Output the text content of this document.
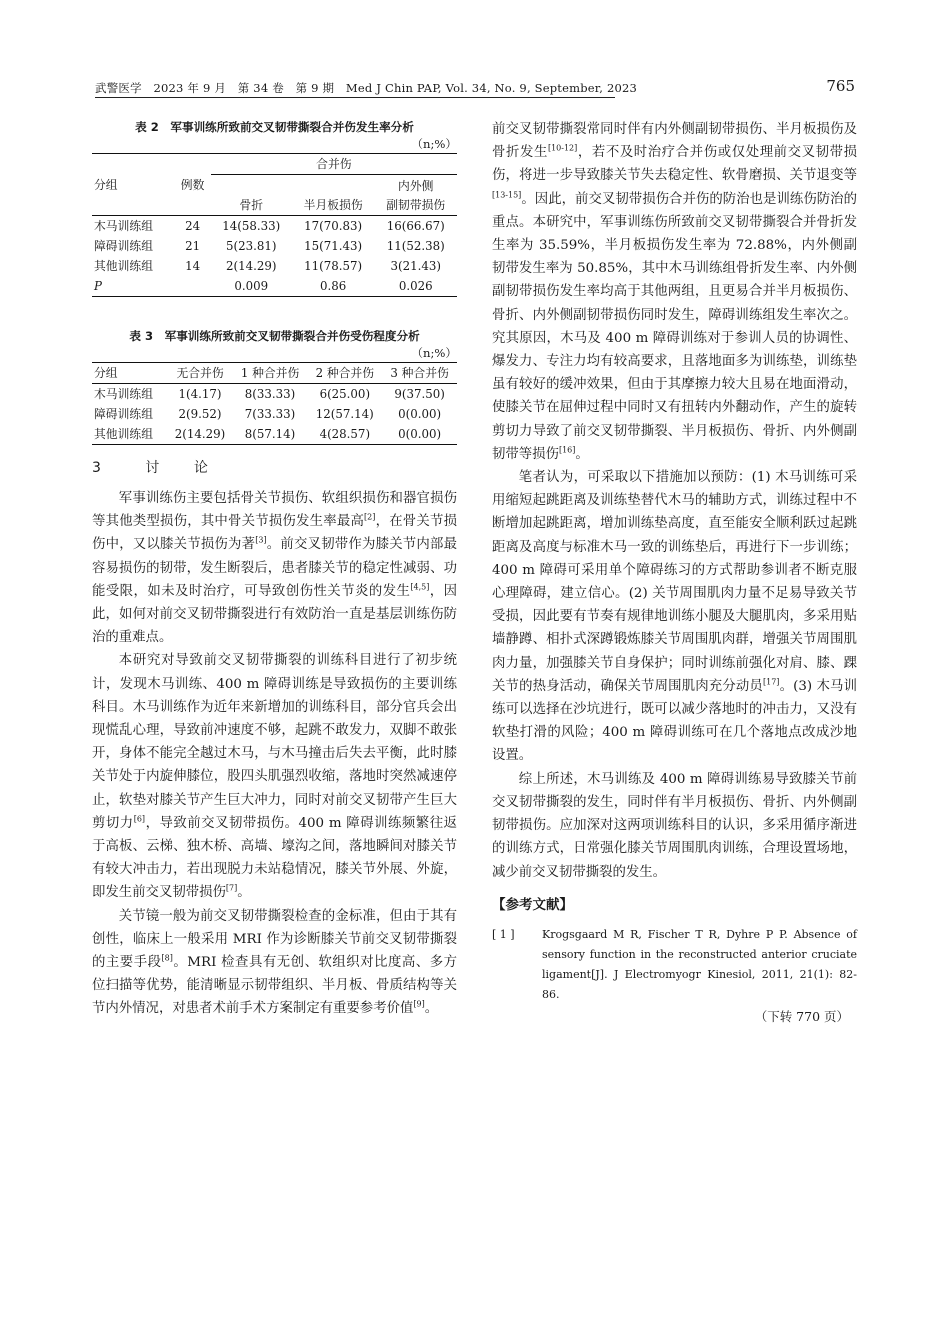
武警医学　2023 年 9 月　第 34 卷　第 9 期　Med J Chin PAP, Vol. 34, No. 9, September, 2023	765

表 2　军事训练所致前交叉韧带撕裂合并伤发生率分析

（n;%）
分组	例数	合并伤		
		骨折	半月板损伤	内外侧
副韧带损伤

木马训练组	24	14(58.33)	17(70.83)	16(66.67)
障碍训练组	21	5(23.81)	15(71.43)	11(52.38)
其他训练组	14	2(14.29)	11(78.57)	3(21.43)
P		0.009	0.86	0.026

表 3　军事训练所致前交叉韧带撕裂合并伤受伤程度分析

（n;%）
分组	无合并伤	1 种合并伤	2 种合并伤	3 种合并伤
木马训练组	1(4.17)	8(33.33)	6(25.00)	9(37.50)
障碍训练组	2(9.52)	7(33.33)	12(57.14)	0(0.00)
其他训练组	2(14.29)	8(57.14)	4(28.57)	0(0.00)
3	讨 论

军事训练伤主要包括骨关节损伤、软组织损伤和器官损伤等其他类型损伤，其中骨关节损伤发生率最高[2]，在骨关节损伤中，又以膝关节损伤为著[3]。前交叉韧带作为膝关节内部最容易损伤的韧带，发生断裂后，患者膝关节的稳定性减弱、功能受限，如未及时治疗，可导致创伤性关节炎的发生[4,5]，因此，如何对前交叉韧带撕裂进行有效防治一直是基层训练伤防治的重难点。

本研究对导致前交叉韧带撕裂的训练科目进行了初步统计，发现木马训练、400 m 障碍训练是导致损伤的主要训练科目。木马训练作为近年来新增加的训练科目，部分官兵会出现慌乱心理，导致前冲速度不够，起跳不敢发力，双脚不敢张开，身体不能完全越过木马，与木马撞击后失去平衡，此时膝关节处于内旋伸膝位，股四头肌强烈收缩，落地时突然减速停止，软垫对膝关节产生巨大冲力，同时对前交叉韧带产生巨大剪切力[6]，导致前交叉韧带损伤。400 m 障碍训练频繁往返于高板、云梯、独木桥、高墙、壕沟之间，落地瞬间对膝关节有较大冲击力，若出现脱力未站稳情况，膝关节外展、外旋，即发生前交叉韧带损伤[7]。

关节镜一般为前交叉韧带撕裂检查的金标准，但由于其有创性，临床上一般采用 MRI 作为诊断膝关节前交叉韧带撕裂的主要手段[8]。MRI 检查具有无创、软组织对比度高、多方位扫描等优势，能清晰显示韧带组织、半月板、骨质结构等关节内外情况，对患者术前手术方案制定有重要参考价值[9]。

前交叉韧带撕裂常同时伴有内外侧副韧带损伤、半月板损伤及骨折发生[10-12]，若不及时治疗合并伤或仅处理前交叉韧带损伤，将进一步导致膝关节失去稳定性、软骨磨损、关节退变等[13-15]。因此，前交叉韧带损伤合并伤的防治也是训练伤防治的重点。本研究中，军事训练伤所致前交叉韧带撕裂合并骨折发生率为 35.59%，半月板损伤发生率为 72.88%，内外侧副韧带发生率为 50.85%，其中木马训练组骨折发生率、内外侧副韧带损伤发生率均高于其他两组，且更易合并半月板损伤、骨折、内外侧副韧带损伤同时发生，障碍训练组发生率次之。究其原因，木马及 400 m 障碍训练对于参训人员的协调性、爆发力、专注力均有较高要求，且落地面多为训练垫，训练垫虽有较好的缓冲效果，但由于其摩擦力较大且易在地面滑动，使膝关节在屈伸过程中同时又有扭转内外翻动作，产生的旋转剪切力导致了前交叉韧带撕裂、半月板损伤、骨折、内外侧副韧带等损伤[16]。

笔者认为，可采取以下措施加以预防：(1) 木马训练可采用缩短起跳距离及训练垫替代木马的辅助方式，训练过程中不断增加起跳距离，增加训练垫高度，直至能安全顺利跃过起跳距离及高度与标准木马一致的训练垫后，再进行下一步训练；400 m 障碍可采用单个障碍练习的方式帮助参训者不断克服心理障碍，建立信心。(2) 关节周围肌肉力量不足易导致关节受损，因此要有节奏有规律地训练小腿及大腿肌肉，多采用贴墙静蹲、相扑式深蹲锻炼膝关节周围肌肉群，增强关节周围肌肉力量，加强膝关节自身保护；同时训练前强化对肩、膝、踝关节的热身活动，确保关节周围肌肉充分动员[17]。(3) 木马训练可以选择在沙坑进行，既可以减少落地时的冲击力，又没有软垫打滑的风险；400 m 障碍训练可在几个落地点改成沙地设置。

综上所述，木马训练及 400 m 障碍训练易导致膝关节前交叉韧带撕裂的发生，同时伴有半月板损伤、骨折、内外侧副韧带损伤。应加深对这两项训练科目的认识，多采用循序渐进的训练方式，日常强化膝关节周围肌肉训练，合理设置场地，减少前交叉韧带撕裂的发生。

【参考文献】

[ 1 ] Krogsgaard M R, Fischer T R, Dyhre P P. Absence of sensory function in the reconstructed anterior cruciate ligament[J]. J Electromyogr Kinesiol, 2011, 21(1): 82-86.
（下转 770 页）
